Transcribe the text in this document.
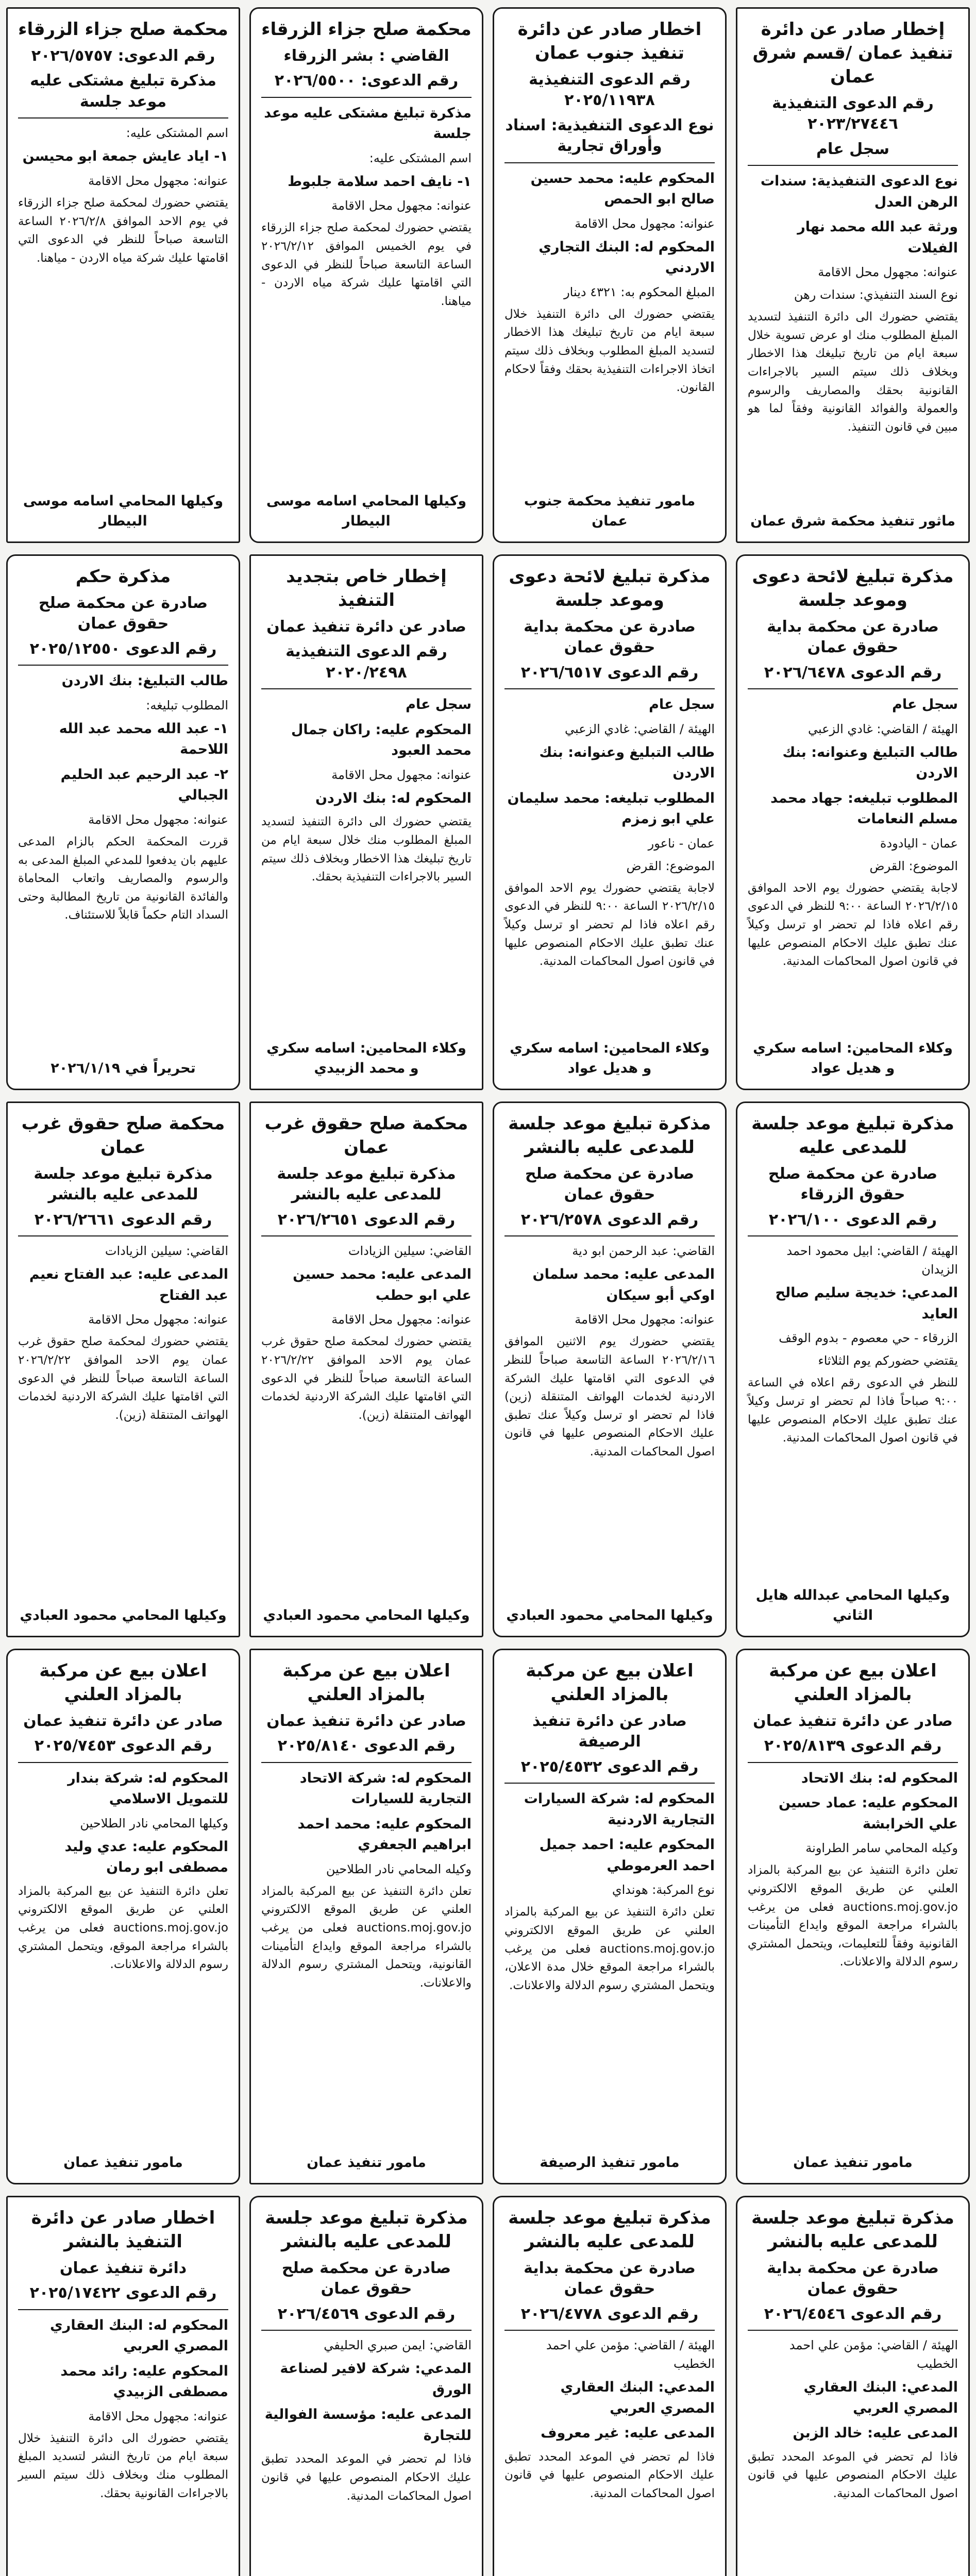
إخطار صادر عن دائرة تنفيذ عمان /قسم شرق عمان
رقم الدعوى التنفيذية ٢٠٢٣/٢٧٤٤٦
سجل عام
نوع الدعوى التنفيذية: سندات الرهن العدل
ورثة عبد الله محمد نهار الفيلات
عنوانه: مجهول محل الاقامة
نوع السند التنفيذي: سندات رهن
يقتضي حضورك الى دائرة التنفيذ لتسديد المبلغ المطلوب منك او عرض تسوية خلال سبعة ايام من تاريخ تبليغك هذا الاخطار وبخلاف ذلك سيتم السير بالاجراءات القانونية بحقك والمصاريف والرسوم والعمولة والفوائد القانونية وفقاً لما هو مبين في قانون التنفيذ.
ماثور تنفيذ محكمة شرق عمان
اخطار صادر عن دائرة تنفيذ جنوب عمان
رقم الدعوى التنفيذية ٢٠٢٥/١١٩٣٨
نوع الدعوى التنفيذية: اسناد وأوراق تجارية
المحكوم عليه: محمد حسين صالح ابو الحمص
عنوانه: مجهول محل الاقامة
المحكوم له: البنك التجاري الاردني
المبلغ المحكوم به: ٤٣٢١ دينار
يقتضي حضورك الى دائرة التنفيذ خلال سبعة ايام من تاريخ تبليغك هذا الاخطار لتسديد المبلغ المطلوب وبخلاف ذلك سيتم اتخاذ الاجراءات التنفيذية بحقك وفقاً لاحكام القانون.
مامور تنفيذ محكمة جنوب عمان
محكمة صلح جزاء الزرقاء
القاضي : بشر الزرقاء
رقم الدعوى: ٢٠٢٦/٥٥٠٠
مذكرة تبليغ مشتكى عليه موعد جلسة
اسم المشتكى عليه:
١- نايف احمد سلامة جلبوط
عنوانه: مجهول محل الاقامة
يقتضي حضورك لمحكمة صلح جزاء الزرقاء في يوم الخميس الموافق ٢٠٢٦/٢/١٢ الساعة التاسعة صباحاً للنظر في الدعوى التي اقامتها عليك شركة مياه الاردن - مياهنا.
وكيلها المحامي اسامه موسى البيطار
محكمة صلح جزاء الزرقاء
رقم الدعوى: ٢٠٢٦/٥٧٥٧
مذكرة تبليغ مشتكى عليه موعد جلسة
اسم المشتكى عليه:
١- اياد عايش جمعة ابو محيسن
عنوانه: مجهول محل الاقامة
يقتضي حضورك لمحكمة صلح جزاء الزرقاء في يوم الاحد الموافق ٢٠٢٦/٢/٨ الساعة التاسعة صباحاً للنظر في الدعوى التي اقامتها عليك شركة مياه الاردن - مياهنا.
وكيلها المحامي اسامه موسى البيطار
مذكرة تبليغ لائحة دعوى وموعد جلسة
صادرة عن محكمة بداية حقوق عمان
رقم الدعوى ٢٠٢٦/٦٤٧٨
سجل عام
الهيئة / القاضي: غادي الزعبي
طالب التبليغ وعنوانه: بنك الاردن
المطلوب تبليغه: جهاد محمد مسلم النعامات
عمان - اليادودة
الموضوع: القرض
لاجابة يقتضي حضورك يوم الاحد الموافق ٢٠٢٦/٢/١٥ الساعة ٩:٠٠ للنظر في الدعوى رقم اعلاه فاذا لم تحضر او ترسل وكيلاً عنك تطبق عليك الاحكام المنصوص عليها في قانون اصول المحاكمات المدنية.
وكلاء المحامين: اسامه سكري و هديل عواد
مذكرة تبليغ لائحة دعوى وموعد جلسة
صادرة عن محكمة بداية حقوق عمان
رقم الدعوى ٢٠٢٦/٦٥١٧
سجل عام
الهيئة / القاضي: غادي الزعبي
طالب التبليغ وعنوانه: بنك الاردن
المطلوب تبليغه: محمد سليمان علي ابو زمزم
عمان - ناعور
الموضوع: القرض
لاجابة يقتضي حضورك يوم الاحد الموافق ٢٠٢٦/٢/١٥ الساعة ٩:٠٠ للنظر في الدعوى رقم اعلاه فاذا لم تحضر او ترسل وكيلاً عنك تطبق عليك الاحكام المنصوص عليها في قانون اصول المحاكمات المدنية.
وكلاء المحامين: اسامه سكري و هديل عواد
إخطار خاص بتجديد التنفيذ
صادر عن دائرة تنفيذ عمان
رقم الدعوى التنفيذية ٢٠٢٠/٢٤٩٨
سجل عام
المحكوم عليه: راكان جمال محمد العبود
عنوانه: مجهول محل الاقامة
المحكوم له: بنك الاردن
يقتضي حضورك الى دائرة التنفيذ لتسديد المبلغ المطلوب منك خلال سبعة ايام من تاريخ تبليغك هذا الاخطار وبخلاف ذلك سيتم السير بالاجراءات التنفيذية بحقك.
وكلاء المحامين: اسامه سكري و محمد الزبيدي
مذكرة حكم
صادرة عن محكمة صلح حقوق عمان
رقم الدعوى ٢٠٢٥/١٢٥٥٠
طالب التبليغ: بنك الاردن
المطلوب تبليغه:
١- عبد الله محمد عبد الله اللاحمة
٢- عبد الرحيم عبد الحليم الجبالي
عنوانه: مجهول محل الاقامة
قررت المحكمة الحكم بالزام المدعى عليهم بان يدفعوا للمدعي المبلغ المدعى به والرسوم والمصاريف واتعاب المحاماة والفائدة القانونية من تاريخ المطالبة وحتى السداد التام حكماً قابلاً للاستئناف.
تحريراً في ٢٠٢٦/١/١٩
مذكرة تبليغ موعد جلسة للمدعى عليه
صادرة عن محكمة صلح حقوق الزرقاء
رقم الدعوى ٢٠٢٦/١٠٠
الهيئة / القاضي: ابيل محمود احمد الزيدان
المدعي: خديجة سليم صالح العايد
الزرقاء - حي معصوم - بدوم الوقف
يقتضي حضوركم يوم الثلاثاء
للنظر في الدعوى رقم اعلاه في الساعة ٩:٠٠ صباحاً فاذا لم تحضر او ترسل وكيلاً عنك تطبق عليك الاحكام المنصوص عليها في قانون اصول المحاكمات المدنية.
وكيلها المحامي عبدالله هايل الثاني
مذكرة تبليغ موعد جلسة للمدعى عليه بالنشر
صادرة عن محكمة صلح حقوق عمان
رقم الدعوى ٢٠٢٦/٢٥٧٨
القاضي: عبد الرحمن ابو دية
المدعى عليه: محمد سلمان اوكي أبو سيكان
عنوانه: مجهول محل الاقامة
يقتضي حضورك يوم الاثنين الموافق ٢٠٢٦/٢/١٦ الساعة التاسعة صباحاً للنظر في الدعوى التي اقامتها عليك الشركة الاردنية لخدمات الهواتف المتنقلة (زين) فاذا لم تحضر او ترسل وكيلاً عنك تطبق عليك الاحكام المنصوص عليها في قانون اصول المحاكمات المدنية.
وكيلها المحامي محمود العبادي
محكمة صلح حقوق غرب عمان
مذكرة تبليغ موعد جلسة للمدعى عليه بالنشر
رقم الدعوى ٢٠٢٦/٢٦٥١
القاضي: سيلين الزيادات
المدعى عليه: محمد حسين علي ابو حطب
عنوانه: مجهول محل الاقامة
يقتضي حضورك لمحكمة صلح حقوق غرب عمان يوم الاحد الموافق ٢٠٢٦/٢/٢٢ الساعة التاسعة صباحاً للنظر في الدعوى التي اقامتها عليك الشركة الاردنية لخدمات الهواتف المتنقلة (زين).
وكيلها المحامي محمود العبادي
محكمة صلح حقوق غرب عمان
مذكرة تبليغ موعد جلسة للمدعى عليه بالنشر
رقم الدعوى ٢٠٢٦/٢٦٦١
القاضي: سيلين الزيادات
المدعى عليه: عبد الفتاح نعيم عبد الفتاح
عنوانه: مجهول محل الاقامة
يقتضي حضورك لمحكمة صلح حقوق غرب عمان يوم الاحد الموافق ٢٠٢٦/٢/٢٢ الساعة التاسعة صباحاً للنظر في الدعوى التي اقامتها عليك الشركة الاردنية لخدمات الهواتف المتنقلة (زين).
وكيلها المحامي محمود العبادي
اعلان بيع عن مركبة بالمزاد العلني
صادر عن دائرة تنفيذ عمان
رقم الدعوى ٢٠٢٥/٨١٣٩
المحكوم له: بنك الاتحاد
المحكوم عليه: عماد حسين علي الخرابشة
وكيله المحامي سامر الطراونة
تعلن دائرة التنفيذ عن بيع المركبة بالمزاد العلني عن طريق الموقع الالكتروني auctions.moj.gov.jo فعلى من يرغب بالشراء مراجعة الموقع وايداع التأمينات القانونية وفقاً للتعليمات، ويتحمل المشتري رسوم الدلالة والاعلانات.
مامور تنفيذ عمان
اعلان بيع عن مركبة بالمزاد العلني
صادر عن دائرة تنفيذ الرصيفة
رقم الدعوى ٢٠٢٥/٤٥٣٢
المحكوم له: شركة السيارات التجارية الاردنية
المحكوم عليه: احمد جميل احمد العرموطي
نوع المركبة: هونداي
تعلن دائرة التنفيذ عن بيع المركبة بالمزاد العلني عن طريق الموقع الالكتروني auctions.moj.gov.jo فعلى من يرغب بالشراء مراجعة الموقع خلال مدة الاعلان، ويتحمل المشتري رسوم الدلالة والاعلانات.
مامور تنفيذ الرصيفة
اعلان بيع عن مركبة بالمزاد العلني
صادر عن دائرة تنفيذ عمان
رقم الدعوى ٢٠٢٥/٨١٤٠
المحكوم له: شركة الاتحاد التجارية للسيارات
المحكوم عليه: محمد احمد ابراهيم الجعفري
وكيله المحامي نادر الطلاحين
تعلن دائرة التنفيذ عن بيع المركبة بالمزاد العلني عن طريق الموقع الالكتروني auctions.moj.gov.jo فعلى من يرغب بالشراء مراجعة الموقع وايداع التأمينات القانونية، ويتحمل المشتري رسوم الدلالة والاعلانات.
مامور تنفيذ عمان
اعلان بيع عن مركبة بالمزاد العلني
صادر عن دائرة تنفيذ عمان
رقم الدعوى ٢٠٢٥/٧٤٥٣
المحكوم له: شركة بندار للتمويل الاسلامي
وكيلها المحامي نادر الطلاحين
المحكوم عليه: عدي وليد مصطفى ابو رمان
تعلن دائرة التنفيذ عن بيع المركبة بالمزاد العلني عن طريق الموقع الالكتروني auctions.moj.gov.jo فعلى من يرغب بالشراء مراجعة الموقع، ويتحمل المشتري رسوم الدلالة والاعلانات.
مامور تنفيذ عمان
مذكرة تبليغ موعد جلسة للمدعى عليه بالنشر
صادرة عن محكمة بداية حقوق عمان
رقم الدعوى ٢٠٢٦/٤٥٤٦
الهيئة / القاضي: مؤمن علي احمد الخطيب
المدعي: البنك العقاري المصري العربي
المدعى عليه: خالد الزبن
فاذا لم تحضر في الموعد المحدد تطبق عليك الاحكام المنصوص عليها في قانون اصول المحاكمات المدنية.
مذكرة تبليغ موعد جلسة للمدعى عليه بالنشر
صادرة عن محكمة بداية حقوق عمان
رقم الدعوى ٢٠٢٦/٤٧٧٨
الهيئة / القاضي: مؤمن علي احمد الخطيب
المدعي: البنك العقاري المصري العربي
المدعى عليه: غير معروف
فاذا لم تحضر في الموعد المحدد تطبق عليك الاحكام المنصوص عليها في قانون اصول المحاكمات المدنية.
مذكرة تبليغ موعد جلسة للمدعى عليه بالنشر
صادرة عن محكمة صلح حقوق عمان
رقم الدعوى ٢٠٢٦/٤٥٦٩
القاضي: ايمن صبري الحليفي
المدعي: شركة لافير لصناعة الورق
المدعى عليه: مؤسسة الفوالية للتجارة
فاذا لم تحضر في الموعد المحدد تطبق عليك الاحكام المنصوص عليها في قانون اصول المحاكمات المدنية.
اخطار صادر عن دائرة التنفيذ بالنشر
دائرة تنفيذ عمان
رقم الدعوى ٢٠٢٥/١٧٤٢٢
المحكوم له: البنك العقاري المصري العربي
المحكوم عليه: رائد محمد مصطفى الزبيدي
عنوانه: مجهول محل الاقامة
يقتضي حضورك الى دائرة التنفيذ خلال سبعة ايام من تاريخ النشر لتسديد المبلغ المطلوب منك وبخلاف ذلك سيتم السير بالاجراءات القانونية بحقك.
